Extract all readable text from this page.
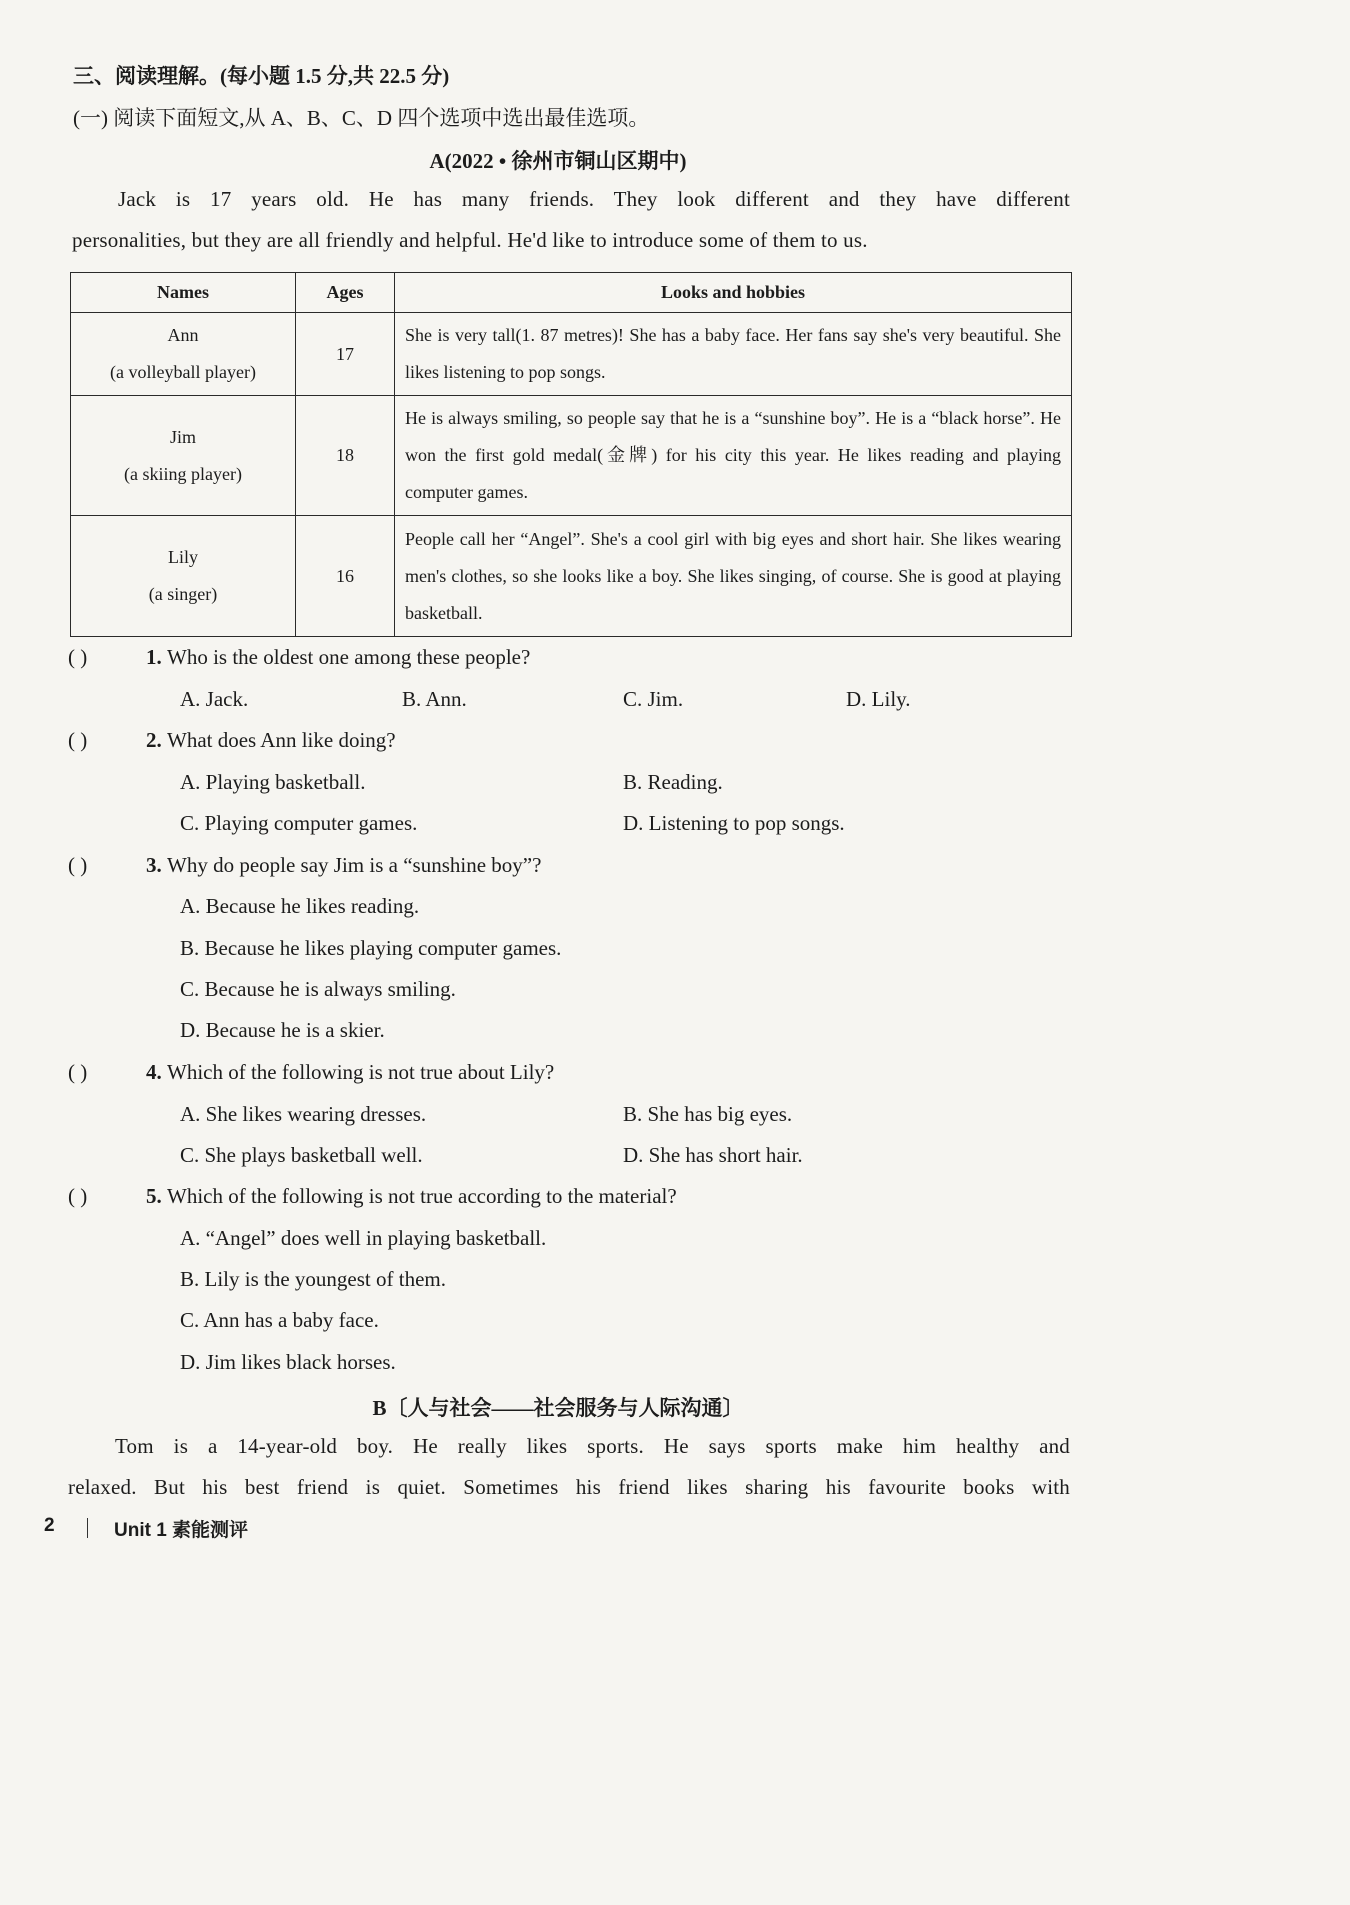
三、阅读理解。(每小题 1.5 分,共 22.5 分)
(一) 阅读下面短文,从 A、B、C、D 四个选项中选出最佳选项。
A(2022 • 徐州市铜山区期中)
Jack is 17 years old. He has many friends. They look different and they have different
personalities, but they are all friendly and helpful. He'd like to introduce some of them to us.
Names	Ages	Looks and hobbies

Ann
(a volleyball player)	17	She is very tall(1. 87 metres)! She has a baby face. Her fans say she's very beautiful. She likes listening to pop songs.

Jim
(a skiing player)	18	He is always smiling, so people say that he is a “sunshine boy”. He is a “black horse”. He won the first gold medal(金牌) for his city this year. He likes reading and playing computer games.

Lily
(a singer)	16	People call her “Angel”. She's a cool girl with big eyes and short hair. She likes wearing men's clothes, so she looks like a boy. She likes singing, of course. She is good at playing basketball.
( )	1. Who is the oldest one among these people?
A. Jack.	B. Ann.	C. Jim.	D. Lily.
( )	2. What does Ann like doing?
A. Playing basketball.	B. Reading.
C. Playing computer games.	D. Listening to pop songs.
( )	3. Why do people say Jim is a “sunshine boy”?
A. Because he likes reading.
B. Because he likes playing computer games.
C. Because he is always smiling.
D. Because he is a skier.
( )	4. Which of the following is not true about Lily?
A. She likes wearing dresses.	B. She has big eyes.
C. She plays basketball well.	D. She has short hair.
( )	5. Which of the following is not true according to the material?
A. “Angel” does well in playing basketball.
B. Lily is the youngest of them.
C. Ann has a baby face.
D. Jim likes black horses.
B〔人与社会——社会服务与人际沟通〕
Tom is a 14-year-old boy. He really likes sports. He says sports make him healthy and
relaxed. But his best friend is quiet. Sometimes his friend likes sharing his favourite books with
2	Unit 1 素能测评
